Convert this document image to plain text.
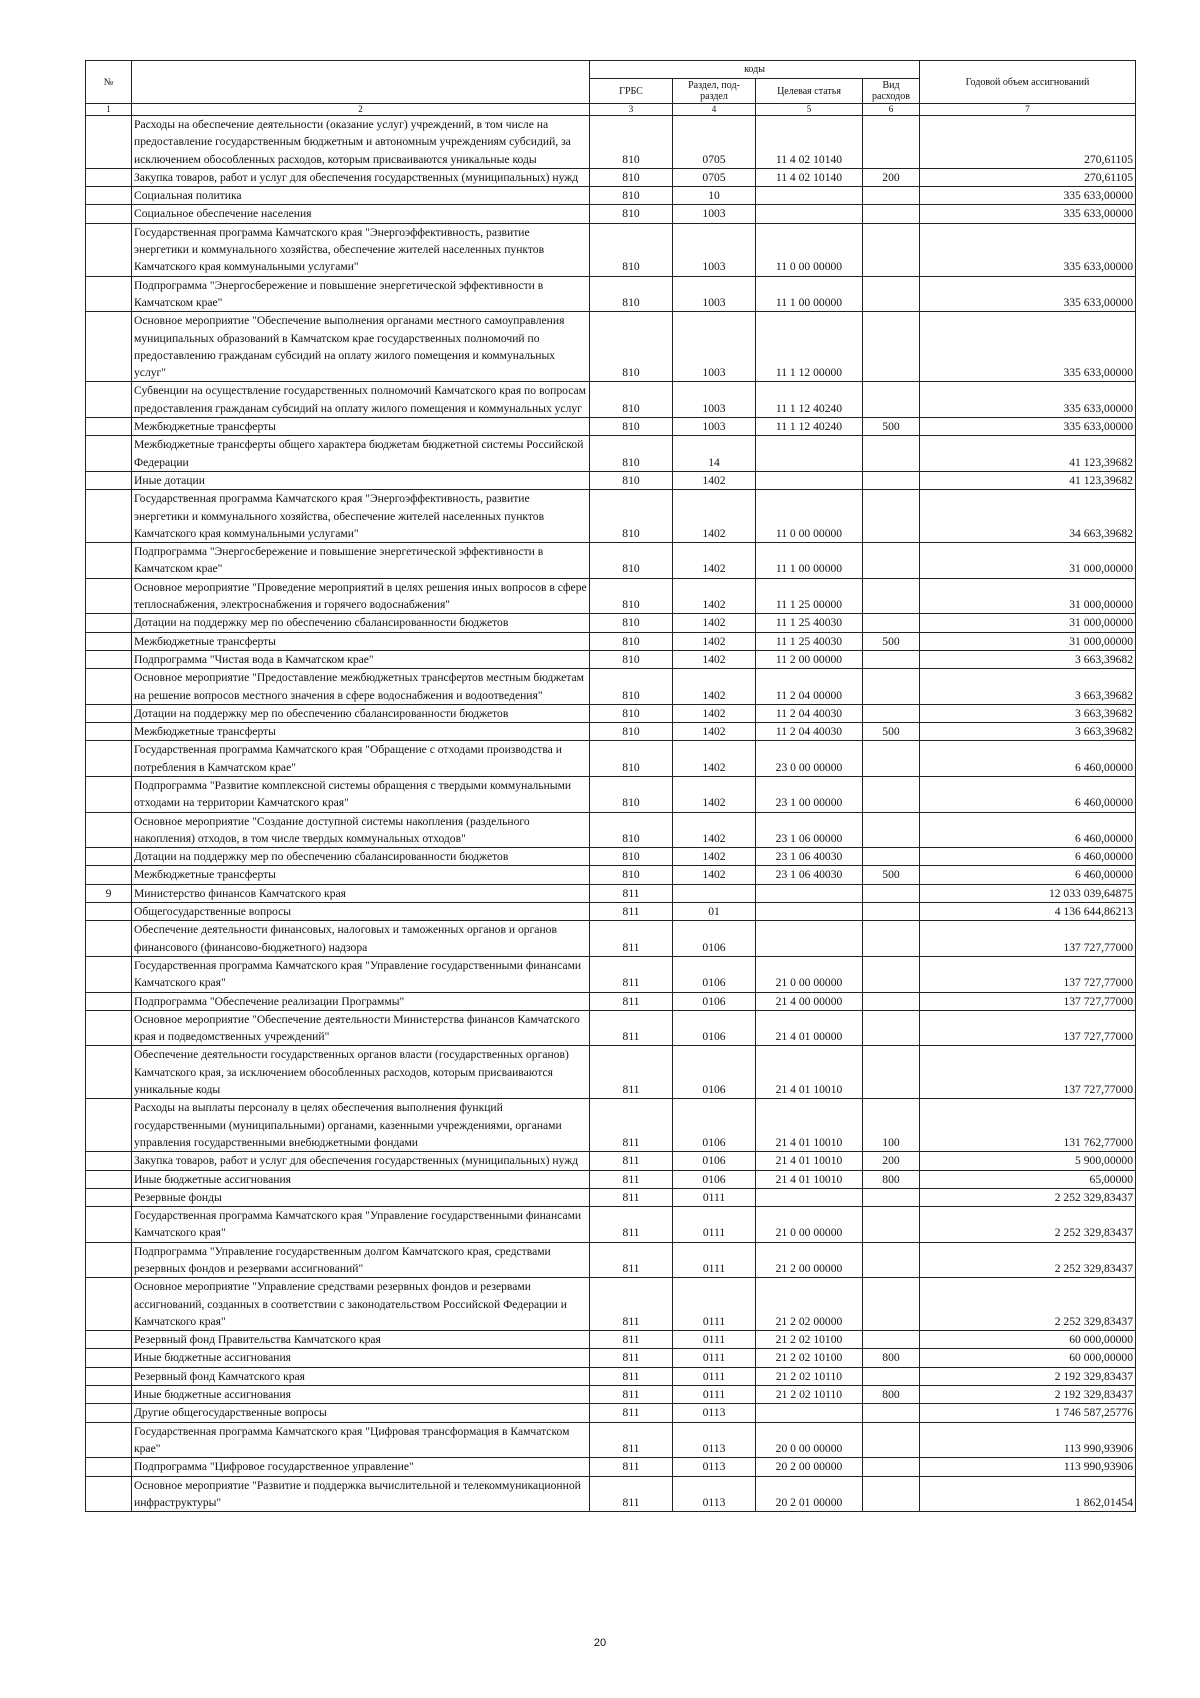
№		коды				Годовой объем ассигнований
		ГРБС	Раздел, под-раздел	Целевая статья	Вид расходов	
1	2	3	4	5	6	7
	Расходы на обеспечение деятельности (оказание услуг) учреждений, в том числе на предоставление государственным бюджетным и автономным учреждениям субсидий, за исключением обособленных расходов, которым присваиваются уникальные коды	810	0705	11 4 02 10140		270,61105
	Закупка товаров, работ и услуг для обеспечения государственных (муниципальных) нужд	810	0705	11 4 02 10140	200	270,61105
	Социальная политика	810	10			335 633,00000
	Социальное обеспечение населения	810	1003			335 633,00000
	Государственная программа Камчатского края "Энергоэффективность, развитие энергетики и коммунального хозяйства, обеспечение жителей населенных пунктов Камчатского края коммунальными услугами"	810	1003	11 0 00 00000		335 633,00000
	Подпрограмма "Энергосбережение и повышение энергетической эффективности в Камчатском крае"	810	1003	11 1 00 00000		335 633,00000
	Основное мероприятие "Обеспечение выполнения органами местного самоуправления муниципальных образований в Камчатском крае государственных полномочий по предоставлению гражданам субсидий на оплату жилого помещения и коммунальных услуг"	810	1003	11 1 12 00000		335 633,00000
	Субвенции на осуществление государственных полномочий Камчатского края по вопросам предоставления гражданам субсидий на оплату жилого помещения и коммунальных услуг	810	1003	11 1 12 40240		335 633,00000
	Межбюджетные трансферты	810	1003	11 1 12 40240	500	335 633,00000
	Межбюджетные трансферты общего характера бюджетам бюджетной системы Российской Федерации	810	14			41 123,39682
	Иные дотации	810	1402			41 123,39682
	Государственная программа Камчатского края "Энергоэффективность, развитие энергетики и коммунального хозяйства, обеспечение жителей населенных пунктов Камчатского края коммунальными услугами"	810	1402	11 0 00 00000		34 663,39682
	Подпрограмма "Энергосбережение и повышение энергетической эффективности в Камчатском крае"	810	1402	11 1 00 00000		31 000,00000
	Основное мероприятие "Проведение мероприятий в целях решения иных вопросов в сфере теплоснабжения, электроснабжения и горячего водоснабжения"	810	1402	11 1 25 00000		31 000,00000
	Дотации на поддержку мер по обеспечению сбалансированности бюджетов	810	1402	11 1 25 40030		31 000,00000
	Межбюджетные трансферты	810	1402	11 1 25 40030	500	31 000,00000
	Подпрограмма "Чистая вода в Камчатском крае"	810	1402	11 2 00 00000		3 663,39682
	Основное мероприятие "Предоставление межбюджетных трансфертов местным бюджетам на решение вопросов местного значения в сфере водоснабжения и водоотведения"	810	1402	11 2 04 00000		3 663,39682
	Дотации на поддержку мер по обеспечению сбалансированности бюджетов	810	1402	11 2 04 40030		3 663,39682
	Межбюджетные трансферты	810	1402	11 2 04 40030	500	3 663,39682
	Государственная программа Камчатского края "Обращение с отходами производства и потребления в Камчатском крае"	810	1402	23 0 00 00000		6 460,00000
	Подпрограмма "Развитие комплексной системы обращения с твердыми коммунальными отходами на территории Камчатского края"	810	1402	23 1 00 00000		6 460,00000
	Основное мероприятие "Создание доступной системы накопления (раздельного накопления) отходов, в том числе твердых коммунальных отходов"	810	1402	23 1 06 00000		6 460,00000
	Дотации на поддержку мер по обеспечению сбалансированности бюджетов	810	1402	23 1 06 40030		6 460,00000
	Межбюджетные трансферты	810	1402	23 1 06 40030	500	6 460,00000
9	Министерство финансов Камчатского края	811				12 033 039,64875
	Общегосударственные вопросы	811	01			4 136 644,86213
	Обеспечение деятельности финансовых, налоговых и таможенных органов и органов финансового (финансово-бюджетного) надзора	811	0106			137 727,77000
	Государственная программа Камчатского края "Управление государственными финансами Камчатского края"	811	0106	21 0 00 00000		137 727,77000
	Подпрограмма "Обеспечение реализации Программы"	811	0106	21 4 00 00000		137 727,77000
	Основное мероприятие "Обеспечение деятельности Министерства финансов Камчатского края и подведомственных учреждений"	811	0106	21 4 01 00000		137 727,77000
	Обеспечение деятельности государственных органов власти (государственных органов) Камчатского края, за исключением обособленных расходов, которым присваиваются уникальные коды	811	0106	21 4 01 10010		137 727,77000
	Расходы на выплаты персоналу в целях обеспечения выполнения функций государственными (муниципальными) органами, казенными учреждениями, органами управления государственными внебюджетными фондами	811	0106	21 4 01 10010	100	131 762,77000
	Закупка товаров, работ и услуг для обеспечения государственных (муниципальных) нужд	811	0106	21 4 01 10010	200	5 900,00000
	Иные бюджетные ассигнования	811	0106	21 4 01 10010	800	65,00000
	Резервные фонды	811	0111			2 252 329,83437
	Государственная программа Камчатского края "Управление государственными финансами Камчатского края"	811	0111	21 0 00 00000		2 252 329,83437
	Подпрограмма "Управление государственным долгом Камчатского края, средствами резервных фондов и резервами ассигнований"	811	0111	21 2 00 00000		2 252 329,83437
	Основное мероприятие "Управление средствами резервных фондов и резервами ассигнований, созданных в соответствии с законодательством Российской Федерации и Камчатского края"	811	0111	21 2 02 00000		2 252 329,83437
	Резервный фонд Правительства Камчатского края	811	0111	21 2 02 10100		60 000,00000
	Иные бюджетные ассигнования	811	0111	21 2 02 10100	800	60 000,00000
	Резервный фонд Камчатского края	811	0111	21 2 02 10110		2 192 329,83437
	Иные бюджетные ассигнования	811	0111	21 2 02 10110	800	2 192 329,83437
	Другие общегосударственные вопросы	811	0113			1 746 587,25776
	Государственная программа Камчатского края "Цифровая трансформация в Камчатском крае"	811	0113	20 0 00 00000		113 990,93906
	Подпрограмма "Цифровое государственное управление"	811	0113	20 2 00 00000		113 990,93906
	Основное мероприятие "Развитие и поддержка вычислительной и телекоммуникационной инфраструктуры"	811	0113	20 2 01 00000		1 862,01454
20
